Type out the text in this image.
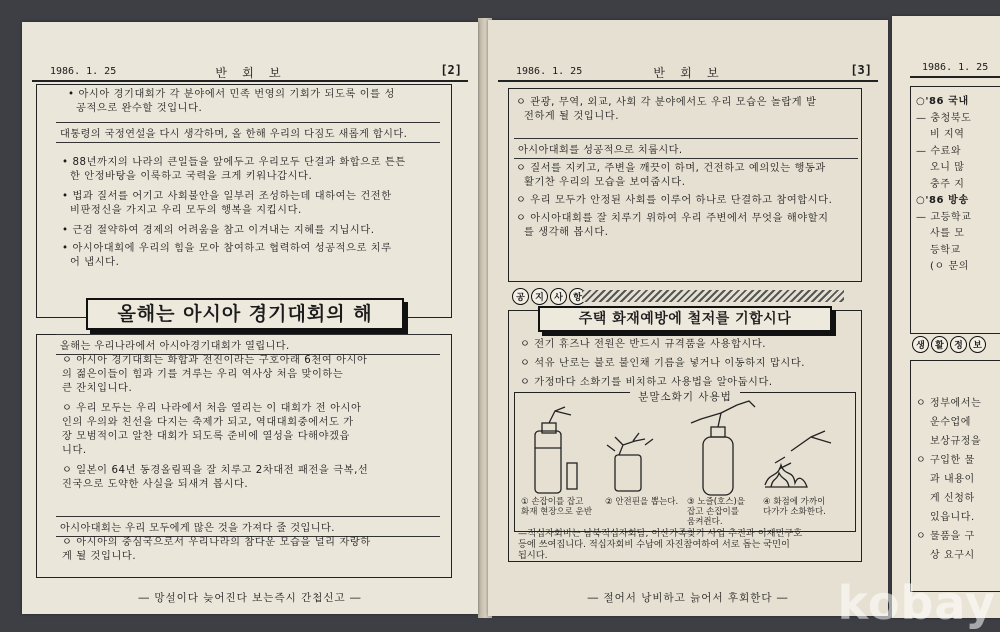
1986. 1. 25	반 회 보	[2]
• 아시아 경기대회가 각 분야에서 민족 번영의 기회가 되도록 이를 성
공적으로 완수할 것입니다.
대통령의 국정연설을 다시 생각하며, 올 한해 우리의 다짐도 새롭게 합시다.
• 88년까지의 나라의 큰일들을 앞에두고 우리모두 단결과 화합으로 튼튼
한 안정바탕을 이룩하고 국력을 크게 키워나갑시다.
• 법과 질서를 어기고 사회불안을 일부러 조성하는데 대하여는 건전한
비판정신을 가지고 우리 모두의 행복을 지킵시다.
• 근검 절약하여 경제의 어려움을 참고 이겨내는 지혜를 지닙시다.
• 아시아대회에 우리의 힘을 모아 참여하고 협력하여 성공적으로 치루
어 냅시다.
올해는 아시아 경기대회의 해
올해는 우리나라에서 아시아경기대회가 열립니다.
ㅇ 아시아 경기대회는 화합과 전진이라는 구호아래 6천여 아시아
의 젊은이들이 힘과 기를 겨루는 우리 역사상 처음 맞이하는
큰 잔치입니다.
ㅇ 우리 모두는 우리 나라에서 처음 열리는 이 대회가 전 아시아
인의 우의와 친선을 다지는 축제가 되고, 역대대회중에서도 가
장 모범적이고 알찬 대회가 되도록 준비에 열성을 다해야겠읍
니다.
ㅇ 일본이 64년 동경올림픽을 잘 치루고 2차대전 패전을 극복,선
진국으로 도약한 사실을 되새겨 봅시다.
아시아대회는 우리 모두에게 많은 것을 가져다 줄 것입니다.
ㅇ 아시아의 중심국으로서 우리나라의 참다운 모습을 널리 자랑하
게 될 것입니다.
― 망설이다 늦어진다 보는즉시 간첩신고 ―
1986. 1. 25	반 회 보	[3]
ㅇ 관광, 무역, 외교, 사회 각 분야에서도 우리 모습은 놀랍게 발
전하게 될 것입니다.
아시아대회를 성공적으로 치룹시다.
ㅇ 질서를 지키고, 주변을 깨끗이 하며, 건전하고 예의있는 행동과
활기찬 우리의 모습을 보여줍시다.
ㅇ 우리 모두가 안정된 사회를 이루어 하나로 단결하고 참여합시다.
ㅇ 아시아대회를 잘 치루기 위하여 우리 주변에서 무엇을 해야할지
를 생각해 봅시다.
공	지	사	항
주택 화재예방에 철저를 기합시다
ㅇ 전기 휴즈나 전원은 반드시 규격품을 사용합시다.
ㅇ 석유 난로는 불로 불인채 기름을 넣거나 이동하지 맙시다.
ㅇ 가정마다 소화기를 비치하고 사용법을 알아둡시다.
분말소화기 사용법
① 손잡이를 잡고
화재 현장으로 운반
② 안전핀을 뽑는다. ③ 노즐(호스)을
잡고 손잡이를
움켜쥔다.
④ 화점에 가까이
다가가 소화한다.
—적십자회비는 남북적십자회담, 이산가족찾기 사업 추진과 이재민구호
등에 쓰여집니다. 적십자회비 수납에 자진참여하여 서로 돕는 국민이
됩시다.
― 절어서 낭비하고 늙어서 후회한다 ―
1986. 1. 25
○'86 국내
— 충청북도
비 지역
— 수료와
오니 많
충주 지
○'86 방송
— 고등학교
사를 모
등학교
(ㅇ 문의
생	활	정	보
ㅇ 정부에서는
운수업에
보상규정을
ㅇ 구입한 물
과 내용이
게 신청하
있읍니다.
ㅇ 물품을 구
상 요구시
kobay
